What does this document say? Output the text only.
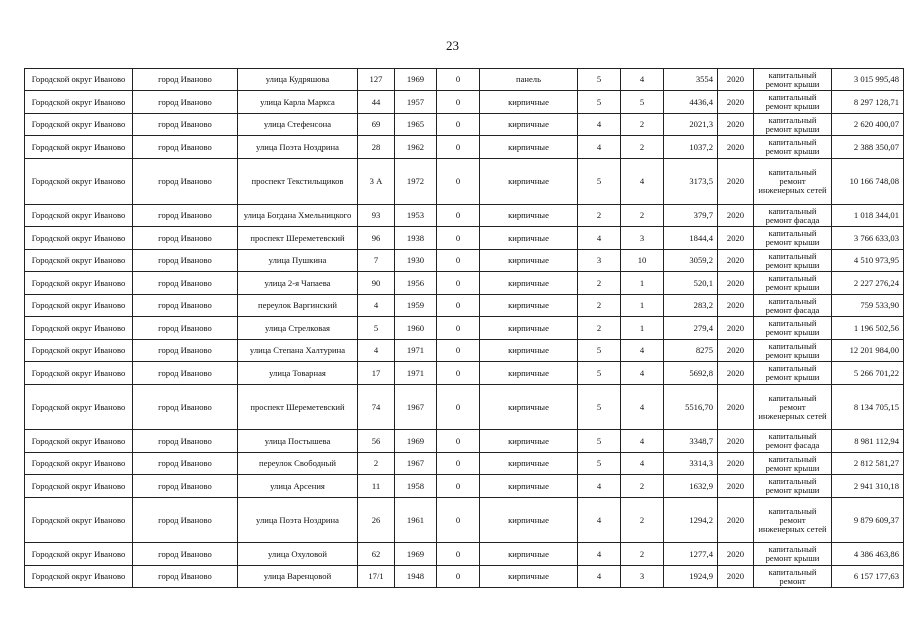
23
Городской округ Иваново	город Иваново	улица Кудряшова	127	1969	0	панель	5	4	3554	2020	капитальный ремонт крыши	3 015 995,48
Городской округ Иваново	город Иваново	улица Карла Маркса	44	1957	0	кирпичные	5	5	4436,4	2020	капитальный ремонт крыши	8 297 128,71
Городской округ Иваново	город Иваново	улица Стефенсона	69	1965	0	кирпичные	4	2	2021,3	2020	капитальный ремонт крыши	2 620 400,07
Городской округ Иваново	город Иваново	улица Поэта Ноздрина	28	1962	0	кирпичные	4	2	1037,2	2020	капитальный ремонт крыши	2 388 350,07
Городской округ Иваново	город Иваново	проспект Текстильщиков	3 А	1972	0	кирпичные	5	4	3173,5	2020	капитальный ремонт инженерных сетей	10 166 748,08
Городской округ Иваново	город Иваново	улица Богдана Хмельницкого	93	1953	0	кирпичные	2	2	379,7	2020	капитальный ремонт фасада	1 018 344,01
Городской округ Иваново	город Иваново	проспект Шереметевский	96	1938	0	кирпичные	4	3	1844,4	2020	капитальный ремонт крыши	3 766 633,03
Городской округ Иваново	город Иваново	улица Пушкина	7	1930	0	кирпичные	3	10	3059,2	2020	капитальный ремонт крыши	4 510 973,95
Городской округ Иваново	город Иваново	улица 2-я Чапаева	90	1956	0	кирпичные	2	1	520,1	2020	капитальный ремонт крыши	2 227 276,24
Городской округ Иваново	город Иваново	переулок Варгинский	4	1959	0	кирпичные	2	1	283,2	2020	капитальный ремонт фасада	759 533,90
Городской округ Иваново	город Иваново	улица Стрелковая	5	1960	0	кирпичные	2	1	279,4	2020	капитальный ремонт крыши	1 196 502,56
Городской округ Иваново	город Иваново	улица Степана Халтурина	4	1971	0	кирпичные	5	4	8275	2020	капитальный ремонт крыши	12 201 984,00
Городской округ Иваново	город Иваново	улица Товарная	17	1971	0	кирпичные	5	4	5692,8	2020	капитальный ремонт крыши	5 266 701,22
Городской округ Иваново	город Иваново	проспект Шереметевский	74	1967	0	кирпичные	5	4	5516,70	2020	капитальный ремонт инженерных сетей	8 134 705,15
Городской округ Иваново	город Иваново	улица Постышева	56	1969	0	кирпичные	5	4	3348,7	2020	капитальный ремонт фасада	8 981 112,94
Городской округ Иваново	город Иваново	переулок Свободный	2	1967	0	кирпичные	5	4	3314,3	2020	капитальный ремонт крыши	2 812 581,27
Городской округ Иваново	город Иваново	улица Арсения	11	1958	0	кирпичные	4	2	1632,9	2020	капитальный ремонт крыши	2 941 310,18
Городской округ Иваново	город Иваново	улица Поэта Ноздрина	26	1961	0	кирпичные	4	2	1294,2	2020	капитальный ремонт инженерных сетей	9 879 609,37
Городской округ Иваново	город Иваново	улица Охуловой	62	1969	0	кирпичные	4	2	1277,4	2020	капитальный ремонт крыши	4 386 463,86
Городской округ Иваново	город Иваново	улица Варенцовой	17/1	1948	0	кирпичные	4	3	1924,9	2020	капитальный ремонт	6 157 177,63
